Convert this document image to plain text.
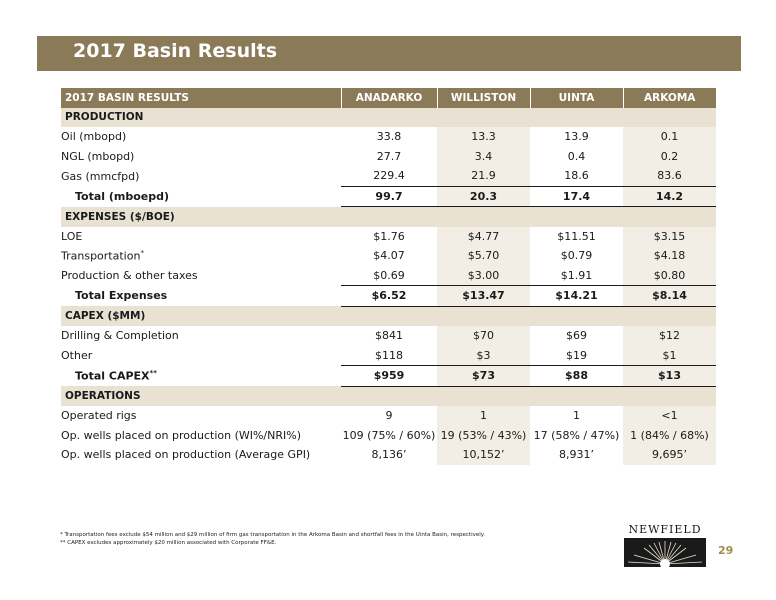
2017 Basin Results
2017 BASIN RESULTS	ANADARKO	WILLISTON	UINTA	ARKOMA
PRODUCTION				
Oil (mbopd)	33.8	13.3	13.9	0.1
NGL (mbopd)	27.7	3.4	0.4	0.2
Gas (mmcfpd)	229.4	21.9	18.6	83.6
Total (mboepd)	99.7	20.3	17.4	14.2
EXPENSES ($/BOE)				
LOE	$1.76	$4.77	$11.51	$3.15
Transportation*	$4.07	$5.70	$0.79	$4.18
Production & other taxes	$0.69	$3.00	$1.91	$0.80
Total Expenses	$6.52	$13.47	$14.21	$8.14
CAPEX ($MM)				
Drilling & Completion	$841	$70	$69	$12
Other	$118	$3	$19	$1
Total CAPEX**	$959	$73	$88	$13
OPERATIONS				
Operated rigs	9	1	1	<1
Op. wells placed on production (WI%/NRI%)	109 (75% / 60%)	19 (53% / 43%)	17 (58% / 47%)	1 (84% / 68%)
Op. wells placed on production (Average GPI)	8,136’	10,152’	8,931’	9,695’
* Transportation fees exclude $54 million and $29 million of firm gas transportation in the Arkoma Basin and shortfall fees in the Uinta Basin, respectively.
** CAPEX excludes approximately $20 million associated with Corporate FF&E.
NEWFIELD
29
